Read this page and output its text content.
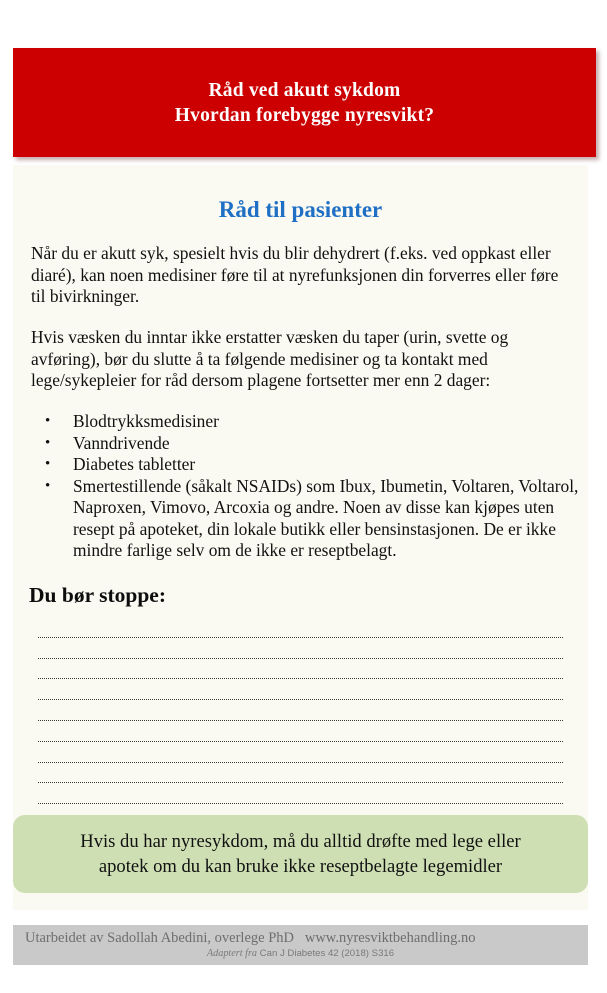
Råd ved akutt sykdom
Hvordan forebygge nyresvikt?
Råd til pasienter
Når du er akutt syk, spesielt hvis du blir dehydrert (f.eks. ved oppkast eller diaré), kan noen medisiner føre til at nyrefunksjonen din forverres eller føre til bivirkninger.
Hvis væsken du inntar ikke erstatter væsken du taper (urin, svette og avføring), bør du slutte å ta følgende medisiner og ta kontakt med lege/sykepleier for råd dersom plagene fortsetter mer enn 2 dager:
• Blodtrykksmedisiner
• Vanndrivende
• Diabetes tabletter
• Smertestillende (såkalt NSAIDs) som Ibux, Ibumetin, Voltaren, Voltarol, Naproxen, Vimovo, Arcoxia og andre. Noen av disse kan kjøpes uten resept på apoteket, din lokale butikk eller bensinstasjonen. De er ikke mindre farlige selv om de ikke er reseptbelagt.
Du bør stoppe:
Hvis du har nyresykdom, må du alltid drøfte med lege eller
apotek om du kan bruke ikke reseptbelagte legemidler
Utarbeidet av Sadollah Abedini, overlege PhD   www.nyresviktbehandling.no
Adaptert fra Can J Diabetes 42 (2018) S316
